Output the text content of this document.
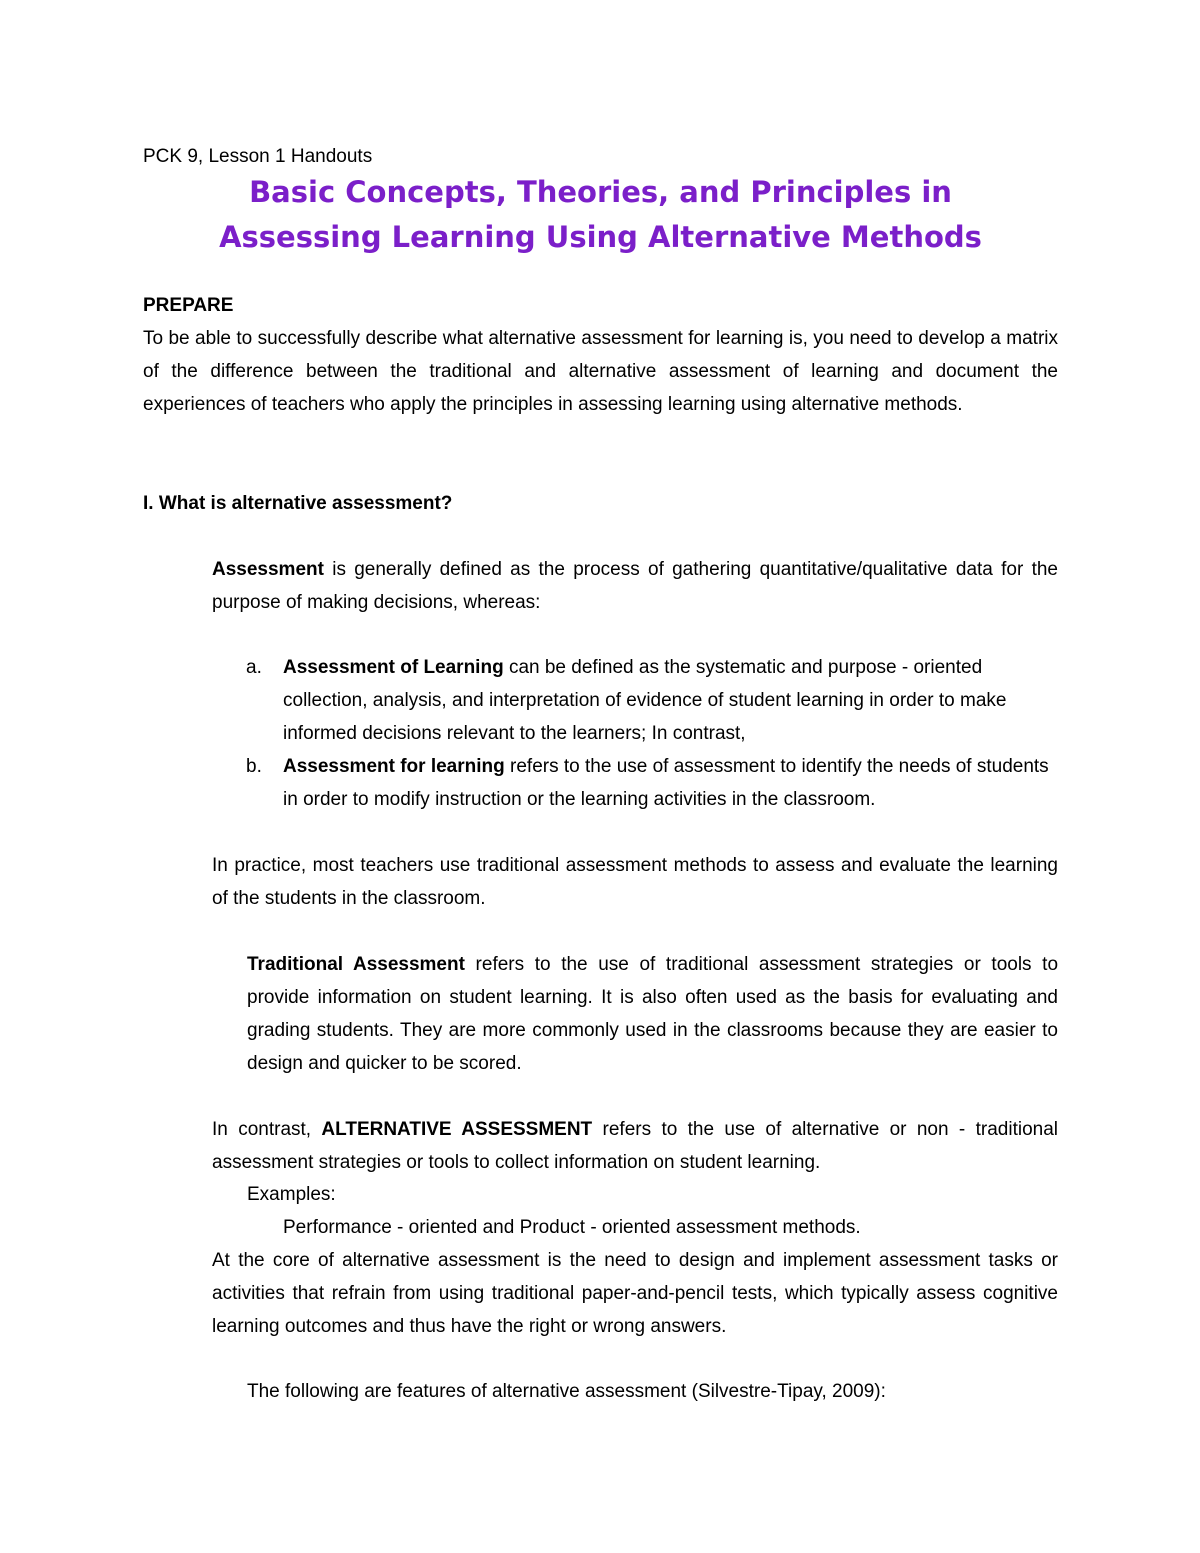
PCK 9, Lesson 1 Handouts
Basic Concepts, Theories, and Principles in
Assessing Learning Using Alternative Methods
PREPARE
To be able to successfully describe what alternative assessment for learning is, you need to develop a matrix of the difference between the traditional and alternative assessment of learning and document the experiences of teachers who apply the principles in assessing learning using alternative methods.
I. What is alternative assessment?
Assessment is generally defined as the process of gathering quantitative/qualitative data for the purpose of making decisions, whereas:
a. Assessment of Learning can be defined as the systematic and purpose - oriented collection, analysis, and interpretation of evidence of student learning in order to make informed decisions relevant to the learners; In contrast,
b. Assessment for learning refers to the use of assessment to identify the needs of students in order to modify instruction or the learning activities in the classroom.
In practice, most teachers use traditional assessment methods to assess and evaluate the learning of the students in the classroom.
Traditional Assessment refers to the use of traditional assessment strategies or tools to provide information on student learning. It is also often used as the basis for evaluating and grading students. They are more commonly used in the classrooms because they are easier to design and quicker to be scored.
In contrast, ALTERNATIVE ASSESSMENT refers to the use of alternative or non - traditional assessment strategies or tools to collect information on student learning.
Examples:
Performance - oriented and Product - oriented assessment methods.
At the core of alternative assessment is the need to design and implement assessment tasks or activities that refrain from using traditional paper-and-pencil tests, which typically assess cognitive learning outcomes and thus have the right or wrong answers.
The following are features of alternative assessment (Silvestre-Tipay, 2009):
